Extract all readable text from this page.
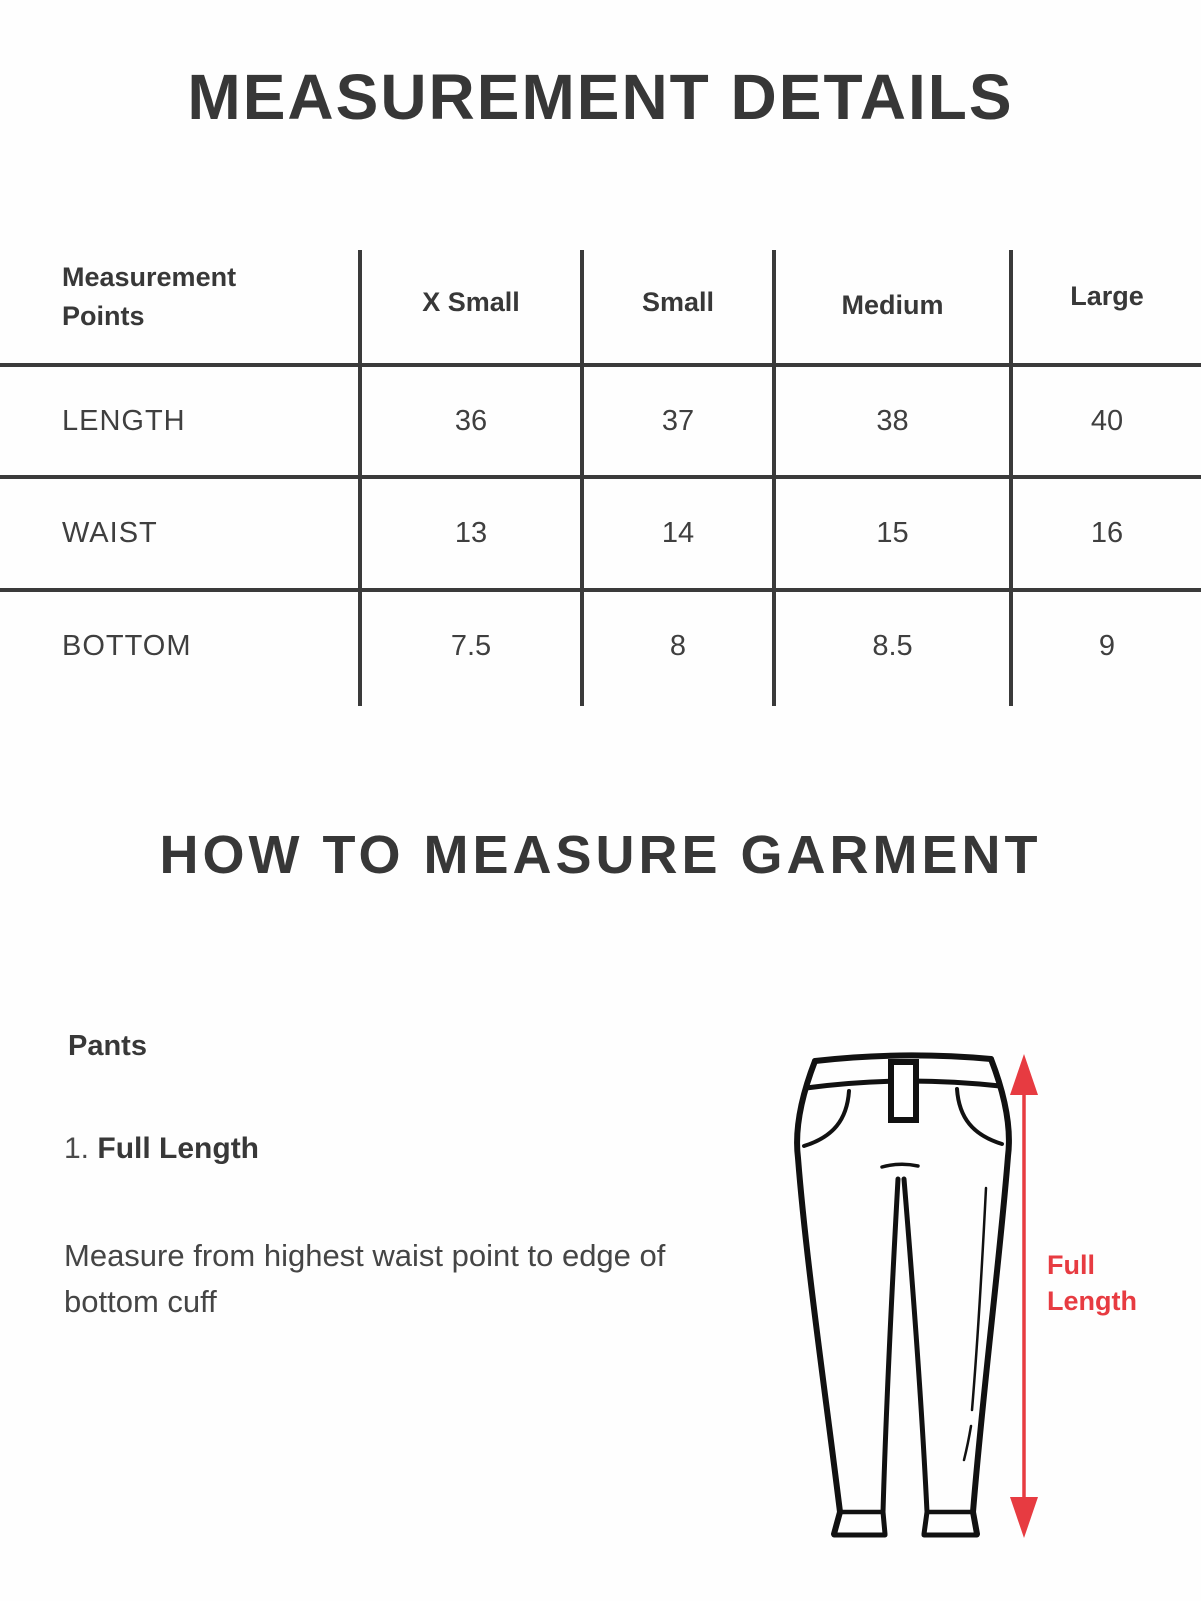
MEASUREMENT DETAILS
Measurement Points	X Small	Small	Medium	Large
LENGTH	36	37	38	40
WAIST	13	14	15	16
BOTTOM	7.5	8	8.5	9
HOW TO MEASURE GARMENT
Pants
1. Full Length
Measure from highest waist point to edge of bottom cuff
Full Length
